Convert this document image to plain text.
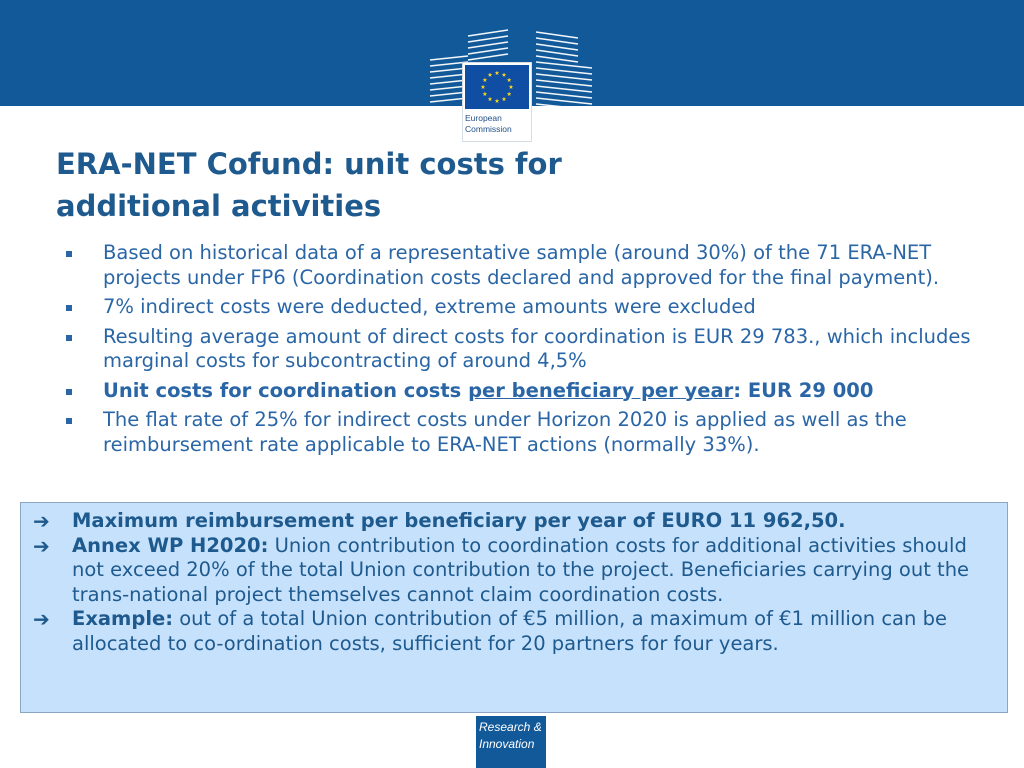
European
Commission
ERA-NET Cofund: unit costs for
additional activities
Based on historical data of a representative sample (around 30%) of the 71 ERA-NET projects under FP6 (Coordination costs declared and approved for the final payment).
7% indirect costs were deducted, extreme amounts were excluded
Resulting average amount of direct costs for coordination is EUR 29 783., which includes marginal costs for subcontracting of around 4,5%
Unit costs for coordination costs per beneficiary per year: EUR 29 000
The flat rate of 25% for indirect costs under Horizon 2020 is applied as well as the reimbursement rate applicable to ERA-NET actions (normally 33%).
➔ Maximum reimbursement per beneficiary per year of EURO 11 962,50.
➔ Annex WP H2020: Union contribution to coordination costs for additional activities should not exceed 20% of the total Union contribution to the project. Beneficiaries carrying out the trans-national project themselves cannot claim coordination costs.
➔ Example: out of a total Union contribution of €5 million, a maximum of €1 million can be allocated to co-ordination costs, sufficient for 20 partners for four years.
Research &
Innovation
